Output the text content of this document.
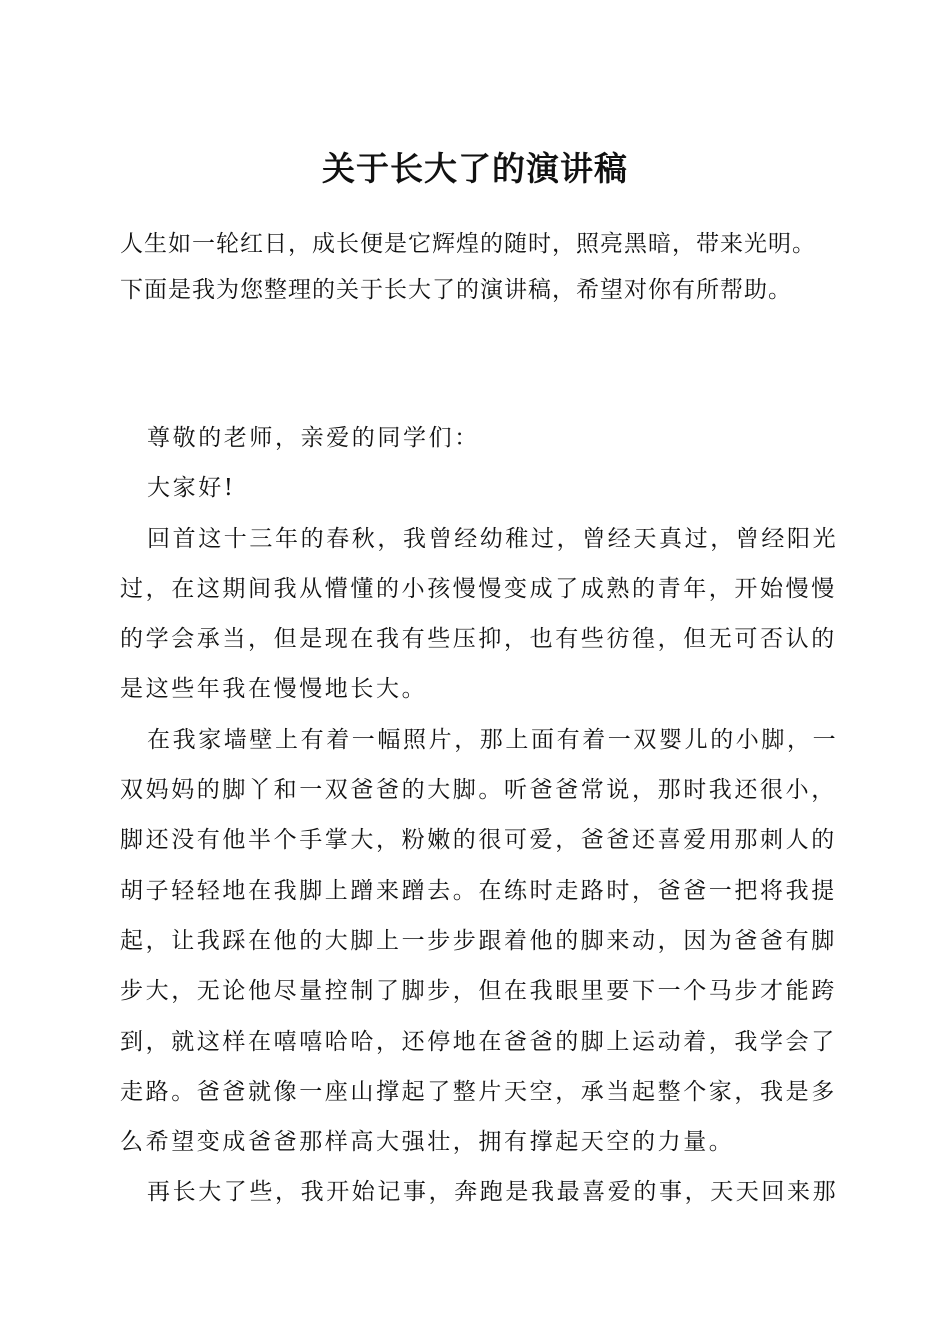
关于长大了的演讲稿

人生如一轮红日，成长便是它辉煌的随时，照亮黑暗，带来光明。

下面是我为您整理的关于长大了的演讲稿，希望对你有所帮助。

尊敬的老师，亲爱的同学们：
大家好!
回首这十三年的春秋，我曾经幼稚过，曾经天真过，曾经阳光
过，在这期间我从懵懂的小孩慢慢变成了成熟的青年，开始慢慢
的学会承当，但是现在我有些压抑，也有些彷徨，但无可否认的
是这些年我在慢慢地长大。
在我家墙壁上有着一幅照片，那上面有着一双婴儿的小脚，一
双妈妈的脚丫和一双爸爸的大脚。听爸爸常说，那时我还很小，
脚还没有他半个手掌大，粉嫩的很可爱，爸爸还喜爱用那刺人的
胡子轻轻地在我脚上蹭来蹭去。在练时走路时，爸爸一把将我提
起，让我踩在他的大脚上一步步跟着他的脚来动，因为爸爸有脚
步大，无论他尽量控制了脚步，但在我眼里要下一个马步才能跨
到，就这样在嘻嘻哈哈，还停地在爸爸的脚上运动着，我学会了
走路。爸爸就像一座山撑起了整片天空，承当起整个家，我是多
么希望变成爸爸那样高大强壮，拥有撑起天空的力量。
再长大了些，我开始记事，奔跑是我最喜爱的事，天天回来那
